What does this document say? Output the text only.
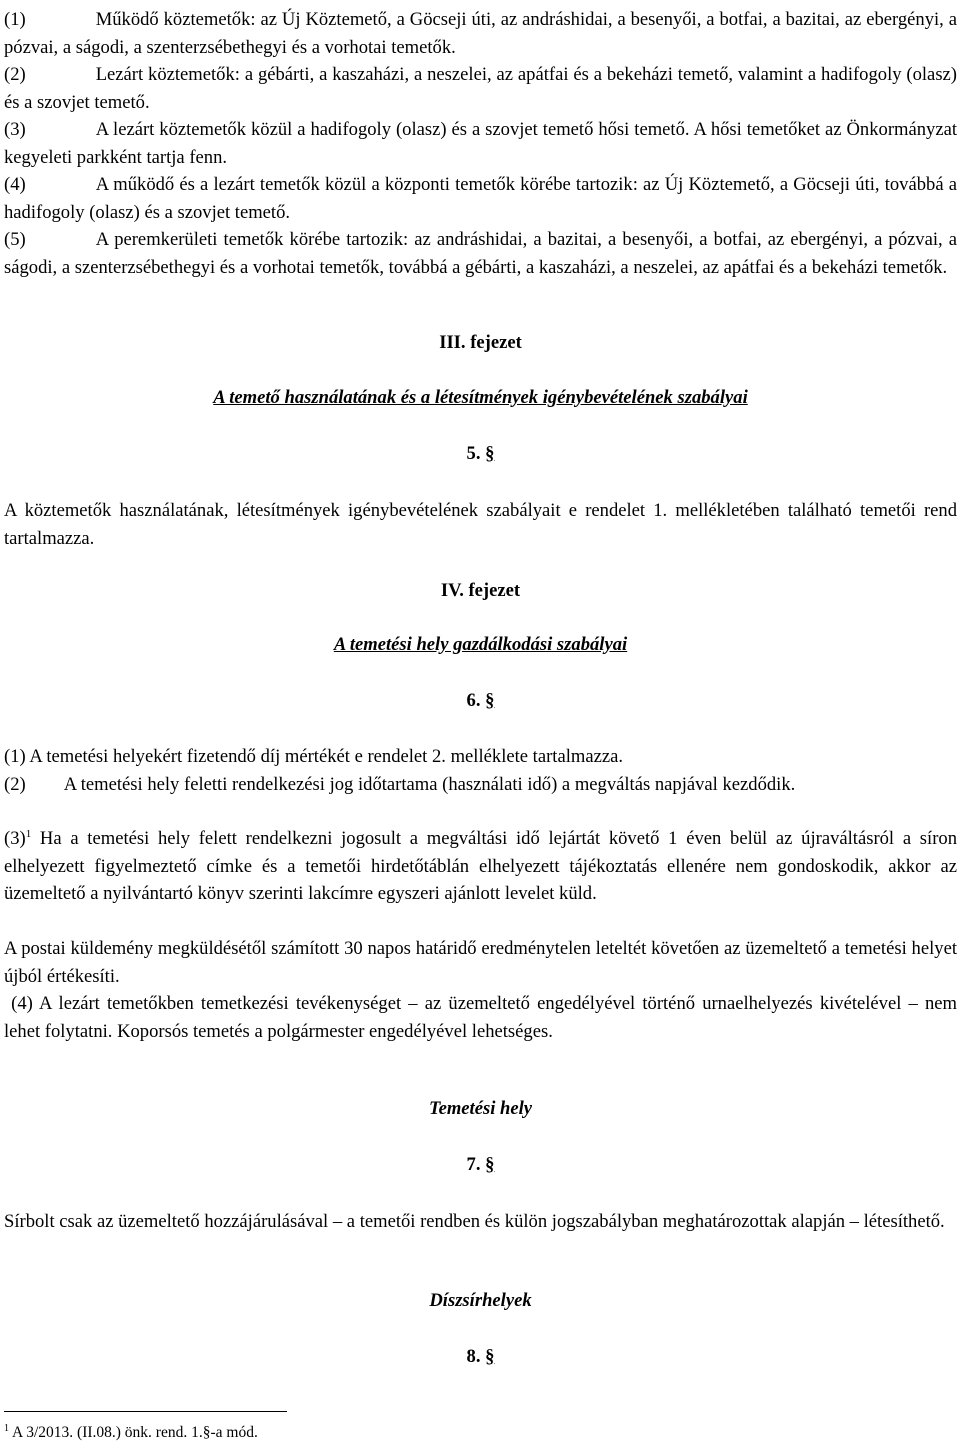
(1)	Működő köztemetők: az Új Köztemető, a Göcseji úti, az andráshidai, a besenyői, a botfai, a bazitai, az ebergényi, a pózvai, a ságodi, a szenterzsébethegyi és a vorhotai temetők.

(2)	Lezárt köztemetők: a gébárti, a kaszaházi, a neszelei, az apátfai és a bekeházi temető, valamint a hadifogoly (olasz) és a szovjet temető.

(3)	A lezárt köztemetők közül a hadifogoly (olasz) és a szovjet temető hősi temető. A hősi temetőket az Önkormányzat kegyeleti parkként tartja fenn.

(4)	A működő és a lezárt temetők közül a központi temetők körébe tartozik: az Új Köztemető, a Göcseji úti, továbbá a hadifogoly (olasz) és a szovjet temető.

(5)	A peremkerületi temetők körébe tartozik: az andráshidai, a bazitai, a besenyői, a botfai, az ebergényi, a pózvai, a ságodi, a szenterzsébethegyi és a vorhotai temetők, továbbá a gébárti, a kaszaházi, a neszelei, az apátfai és a bekeházi temetők.

III. fejezet

A temető használatának és a létesítmények igénybevételének szabályai

5. §

A köztemetők használatának, létesítmények igénybevételének szabályait e rendelet 1. mellékletében található temetői rend tartalmazza.

IV. fejezet

A temetési hely gazdálkodási szabályai

6. §

(1) A temetési helyekért fizetendő díj mértékét e rendelet 2. melléklete tartalmazza.

(2) A temetési hely feletti rendelkezési jog időtartama (használati idő) a megváltás napjával kezdődik.

$(3)^1$ Ha a temetési hely felett rendelkezni jogosult a megváltási idő lejártát követő 1 éven belül az újraváltásról a síron elhelyezett figyelmeztető címke és a temetői hirdetőtáblán elhelyezett tájékoztatás ellenére nem gondoskodik, akkor az üzemeltető a nyilvántartó könyv szerinti lakcímre egyszeri ajánlott levelet küld.

A postai küldemény megküldésétől számított 30 napos határidő eredménytelen leteltét követően az üzemeltető a temetési helyet újból értékesíti.

(4) A lezárt temetőkben temetkezési tevékenységet – az üzemeltető engedélyével történő urnaelhelyezés kivételével – nem lehet folytatni. Koporsós temetés a polgármester engedélyével lehetséges.

Temetési hely

7. §

Sírbolt csak az üzemeltető hozzájárulásával – a temetői rendben és külön jogszabályban meghatározottak alapján – létesíthető.

Díszsírhelyek

8. §

$^1$ A 3/2013. (II.08.) önk. rend. 1.§-a mód.
